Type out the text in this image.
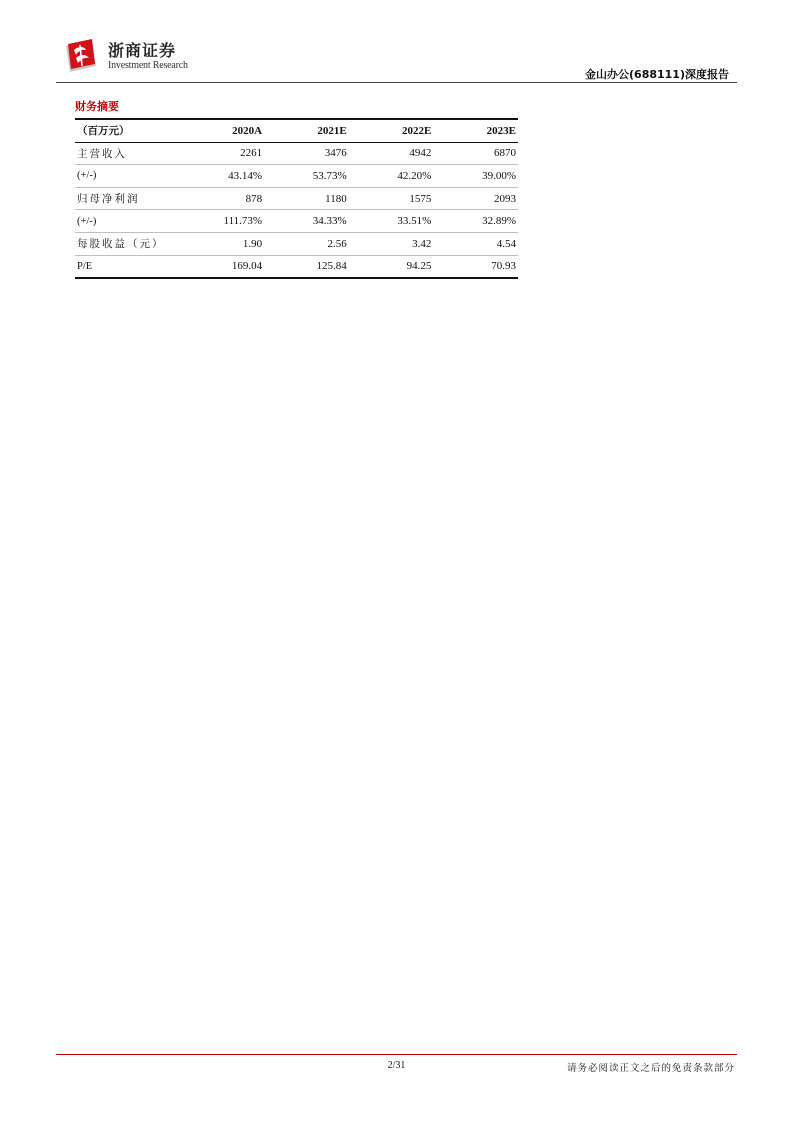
浙商证券
Investment Research
金山办公(688111)深度报告
财务摘要
（百万元）	2020A	2021E	2022E	2023E
主营收入	2261	3476	4942	6870
(+/-)	43.14%	53.73%	42.20%	39.00%
归母净利润	878	1180	1575	2093
(+/-)	111.73%	34.33%	33.51%	32.89%
每股收益（元）	1.90	2.56	3.42	4.54
P/E	169.04	125.84	94.25	70.93
2/31	请务必阅读正文之后的免责条款部分
